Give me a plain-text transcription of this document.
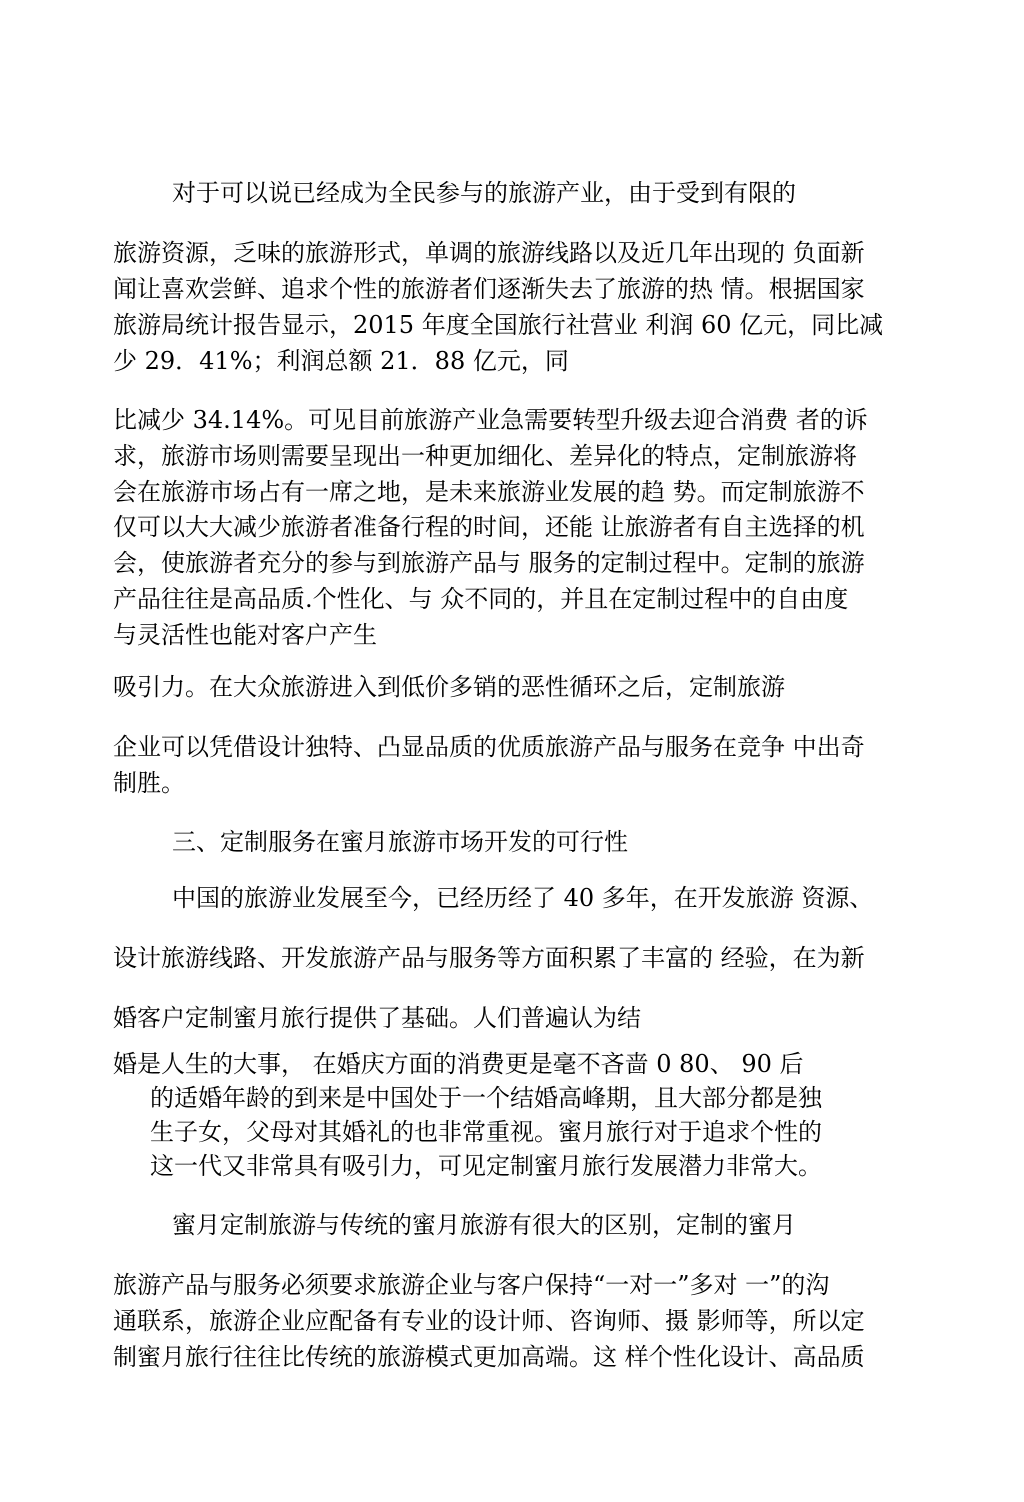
对于可以说已经成为全民参与的旅游产业，由于受到有限的

旅游资源，乏味的旅游形式，单调的旅游线路以及近几年出现的 负面新

闻让喜欢尝鲜、追求个性的旅游者们逐渐失去了旅游的热 情。根据国家

旅游局统计报告显示，2015 年度全国旅行社营业 利润 60 亿元，同比减

少 29．41%；利润总额 21．88 亿元，同

比减少 34.14%。可见目前旅游产业急需要转型升级去迎合消费 者的诉

求，旅游市场则需要呈现出一种更加细化、差异化的特点，定制旅游将

会在旅游市场占有一席之地，是未来旅游业发展的趋 势。而定制旅游不

仅可以大大减少旅游者准备行程的时间，还能 让旅游者有自主选择的机

会，使旅游者充分的参与到旅游产品与 服务的定制过程中。定制的旅游

产品往往是高品质.个性化、与 众不同的，并且在定制过程中的自由度

与灵活性也能对客户产生

吸引力。在大众旅游进入到低价多销的恶性循环之后，定制旅游

企业可以凭借设计独特、凸显品质的优质旅游产品与服务在竞争 中出奇

制胜。

三、定制服务在蜜月旅游市场开发的可行性

中国的旅游业发展至今，已经历经了 40 多年，在开发旅游 资源、

设计旅游线路、开发旅游产品与服务等方面积累了丰富的 经验，在为新

婚客户定制蜜月旅行提供了基础。人们普遍认为结

婚是人生的大事， 在婚庆方面的消费更是毫不吝啬 0 80、 90 后

的适婚年龄的到来是中国处于一个结婚高峰期，且大部分都是独

生子女，父母对其婚礼的也非常重视。蜜月旅行对于追求个性的

这一代又非常具有吸引力，可见定制蜜月旅行发展潜力非常大。

蜜月定制旅游与传统的蜜月旅游有很大的区别，定制的蜜月

旅游产品与服务必须要求旅游企业与客户保持“一对一”多对 一”的沟

通联系，旅游企业应配备有专业的设计师、咨询师、摄 影师等，所以定

制蜜月旅行往往比传统的旅游模式更加高端。这 样个性化设计、高品质
